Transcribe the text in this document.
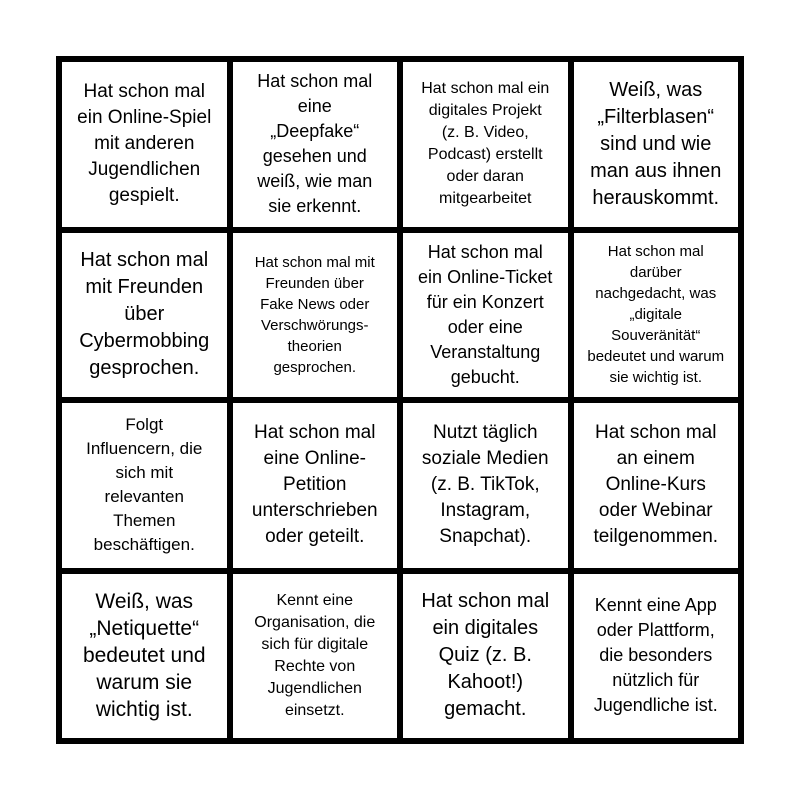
Hat schon mal
ein Online-Spiel
mit anderen
Jugendlichen
gespielt.
Hat schon mal
eine
„Deepfake“
gesehen und
weiß, wie man
sie erkennt.
Hat schon mal ein
digitales Projekt
(z. B. Video,
Podcast) erstellt
oder daran
mitgearbeitet
Weiß, was
„Filterblasen“
sind und wie
man aus ihnen
herauskommt.
Hat schon mal
mit Freunden
über
Cybermobbing
gesprochen.
Hat schon mal mit
Freunden über
Fake News oder
Verschwörungs-
theorien
gesprochen.
Hat schon mal
ein Online-Ticket
für ein Konzert
oder eine
Veranstaltung
gebucht.
Hat schon mal
darüber
nachgedacht, was
„digitale
Souveränität“
bedeutet und warum
sie wichtig ist.
Folgt
Influencern, die
sich mit
relevanten
Themen
beschäftigen.
Hat schon mal
eine Online-
Petition
unterschrieben
oder geteilt.
Nutzt täglich
soziale Medien
(z. B. TikTok,
Instagram,
Snapchat).
Hat schon mal
an einem
Online-Kurs
oder Webinar
teilgenommen.
Weiß, was
„Netiquette“
bedeutet und
warum sie
wichtig ist.
Kennt eine
Organisation, die
sich für digitale
Rechte von
Jugendlichen
einsetzt.
Hat schon mal
ein digitales
Quiz (z. B.
Kahoot!)
gemacht.
Kennt eine App
oder Plattform,
die besonders
nützlich für
Jugendliche ist.
